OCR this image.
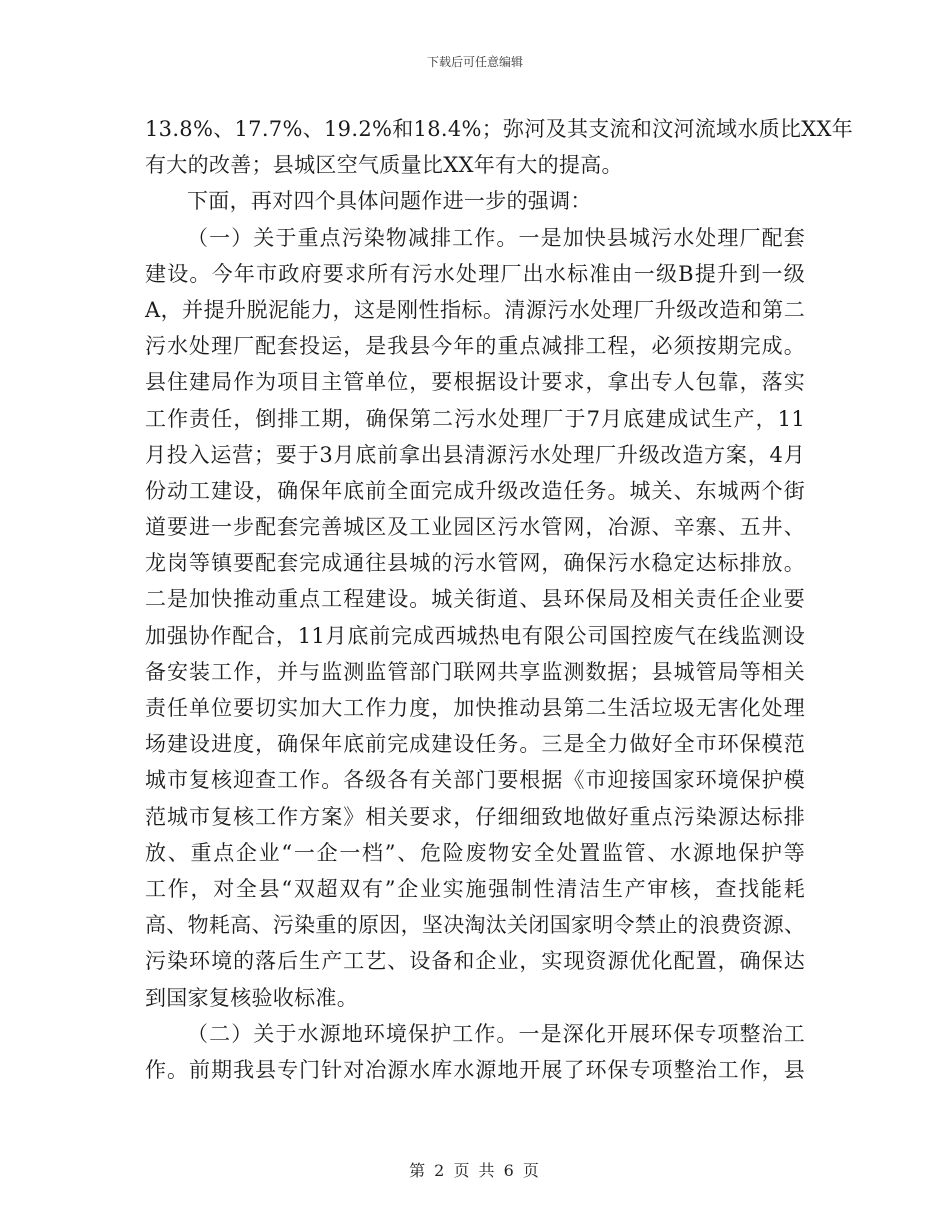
下载后可任意编辑
13.8%、17.7%、19.2%和18.4%；弥河及其支流和汶河流域水质比XX年
有大的改善；县城区空气质量比XX年有大的提高。
下面，再对四个具体问题作进一步的强调：
（一）关于重点污染物减排工作。一是加快县城污水处理厂配套
建设。今年市政府要求所有污水处理厂出水标准由一级B提升到一级
A，并提升脱泥能力，这是刚性指标。清源污水处理厂升级改造和第二
污水处理厂配套投运，是我县今年的重点减排工程，必须按期完成。
县住建局作为项目主管单位，要根据设计要求，拿出专人包靠，落实
工作责任，倒排工期，确保第二污水处理厂于7月底建成试生产，11
月投入运营；要于3月底前拿出县清源污水处理厂升级改造方案，4月
份动工建设，确保年底前全面完成升级改造任务。城关、东城两个街
道要进一步配套完善城区及工业园区污水管网，冶源、辛寨、五井、
龙岗等镇要配套完成通往县城的污水管网，确保污水稳定达标排放。
二是加快推动重点工程建设。城关街道、县环保局及相关责任企业要
加强协作配合，11月底前完成西城热电有限公司国控废气在线监测设
备安装工作，并与监测监管部门联网共享监测数据；县城管局等相关
责任单位要切实加大工作力度，加快推动县第二生活垃圾无害化处理
场建设进度，确保年底前完成建设任务。三是全力做好全市环保模范
城市复核迎查工作。各级各有关部门要根据《市迎接国家环境保护模
范城市复核工作方案》相关要求，仔细细致地做好重点污染源达标排
放、重点企业“一企一档”、危险废物安全处置监管、水源地保护等
工作，对全县“双超双有”企业实施强制性清洁生产审核，查找能耗
高、物耗高、污染重的原因，坚决淘汰关闭国家明令禁止的浪费资源、
污染环境的落后生产工艺、设备和企业，实现资源优化配置，确保达
到国家复核验收标准。
（二）关于水源地环境保护工作。一是深化开展环保专项整治工
作。前期我县专门针对冶源水库水源地开展了环保专项整治工作，县
第 2 页 共 6 页
